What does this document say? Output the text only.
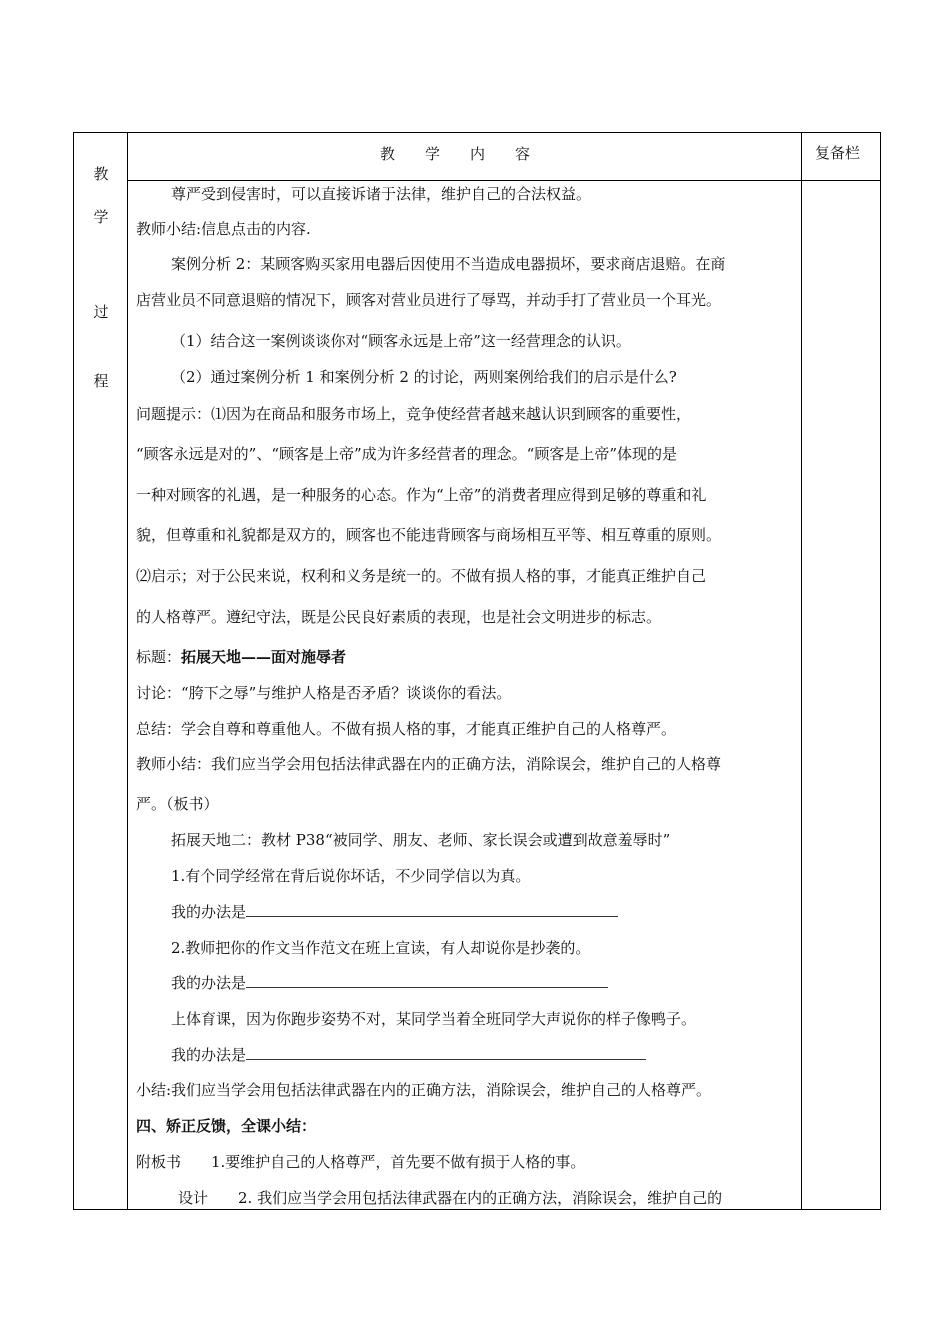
教
学
过
程
教　　学　　内　　容	复备栏
尊严受到侵害时，可以直接诉诸于法律，维护自己的合法权益。
教师小结:信息点击的内容.
案例分析 2：某顾客购买家用电器后因使用不当造成电器损坏，要求商店退赔。在商
店营业员不同意退赔的情况下，顾客对营业员进行了辱骂，并动手打了营业员一个耳光。
（1）结合这一案例谈谈你对“顾客永远是上帝”这一经营理念的认识。
（2）通过案例分析 1 和案例分析 2 的讨论，两则案例给我们的启示是什么?
问题提示：⑴因为在商品和服务市场上，竞争使经营者越来越认识到顾客的重要性，
“顾客永远是对的”、“顾客是上帝”成为许多经营者的理念。“顾客是上帝”体现的是
一种对顾客的礼遇，是一种服务的心态。作为“上帝”的消费者理应得到足够的尊重和礼
貌，但尊重和礼貌都是双方的，顾客也不能违背顾客与商场相互平等、相互尊重的原则。
⑵启示；对于公民来说，权利和义务是统一的。不做有损人格的事，才能真正维护自己
的人格尊严。遵纪守法，既是公民良好素质的表现，也是社会文明进步的标志。
标题：拓展天地——面对施辱者
讨论：“胯下之辱”与维护人格是否矛盾？谈谈你的看法。
总结：学会自尊和尊重他人。不做有损人格的事，才能真正维护自己的人格尊严。
教师小结：我们应当学会用包括法律武器在内的正确方法，消除误会，维护自己的人格尊
严。（板书）
拓展天地二：教材 P38“被同学、朋友、老师、家长误会或遭到故意羞辱时”
1.有个同学经常在背后说你坏话，不少同学信以为真。
我的办法是
2.教师把你的作文当作范文在班上宣读，有人却说你是抄袭的。
我的办法是
上体育课，因为你跑步姿势不对，某同学当着全班同学大声说你的样子像鸭子。
我的办法是
小结:我们应当学会用包括法律武器在内的正确方法，消除误会，维护自己的人格尊严。
四、矫正反馈，全课小结：
附板书　　1.要维护自己的人格尊严，首先要不做有损于人格的事。
设计　　2. 我们应当学会用包括法律武器在内的正确方法，消除误会，维护自己的
